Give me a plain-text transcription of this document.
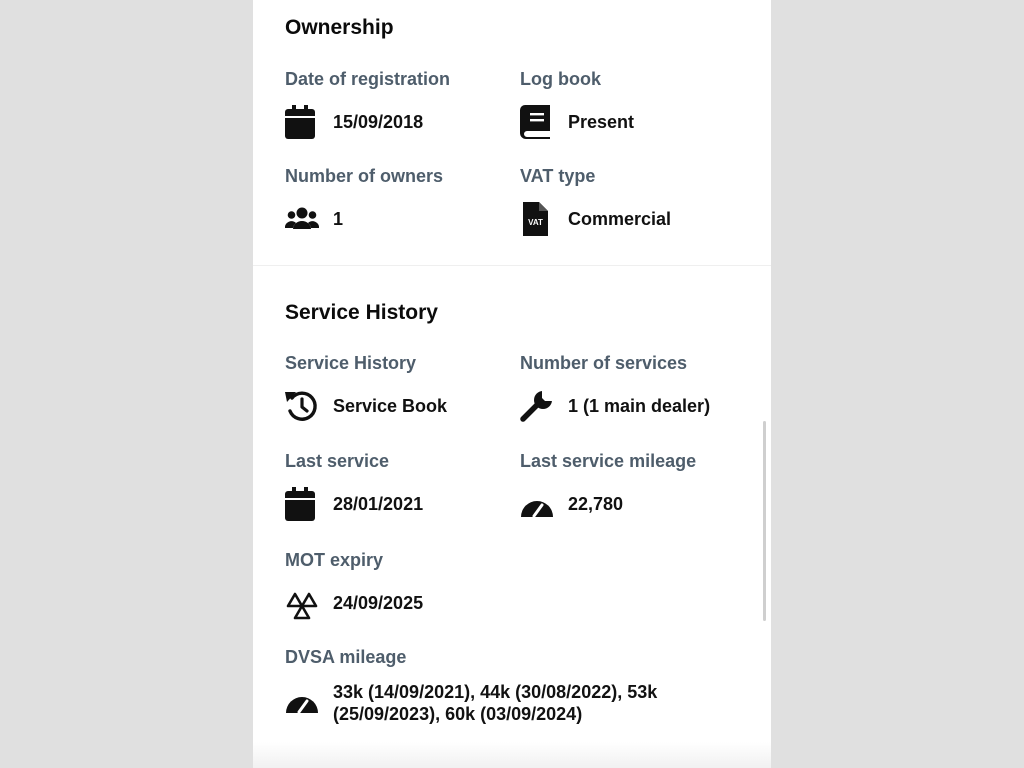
Ownership
Date of registration
15/09/2018
Log book
Present
Number of owners
1
VAT type
VAT Commercial
Service History
Service History
Service Book
Number of services
1 (1 main dealer)
Last service
28/01/2021
Last service mileage
22,780
MOT expiry
24/09/2025
DVSA mileage
33k (14/09/2021), 44k (30/08/2022), 53k (25/09/2023), 60k (03/09/2024)
